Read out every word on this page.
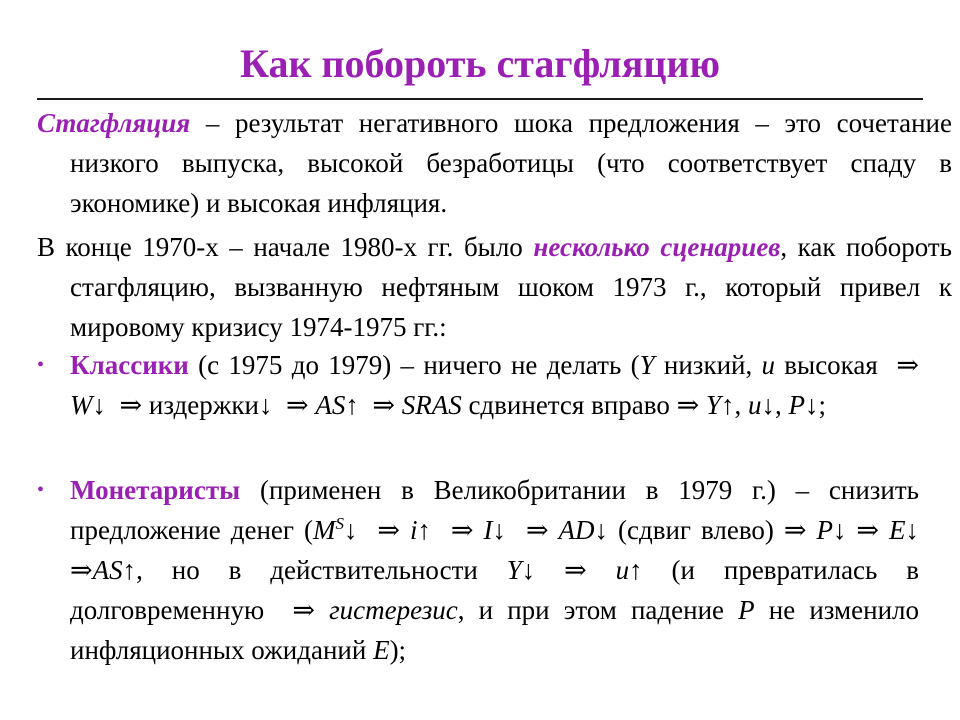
Как побороть стагфляцию

Стагфляция – результат негативного шока предложения – это сочетание низкого выпуска, высокой безработицы (что соответствует спаду в экономике) и высокая инфляция.

В конце 1970-х – начале 1980-х гг. было несколько сценариев, как побороть стагфляцию, вызванную нефтяным шоком 1973 г., который привел к мировому кризису 1974-1975 гг.:

• Классики (с 1975 до 1979) – ничего не делать (Y низкий, u высокая  ⇒ W↓  ⇒ издержки↓  ⇒ AS↑  ⇒ SRAS сдвинется вправо ⇒ Y↑, u↓, P↓;
• Монетаристы (применен в Великобритании в 1979 г.) – снизить предложение денег ($M^S↓$  ⇒ i↑  ⇒ I↓  ⇒ AD↓ (сдвиг влево) ⇒ P↓ ⇒ E↓ ⇒AS↑, но в действительности Y↓ ⇒ u↑ (и превратилась в долговременную  ⇒ гистерезис, и при этом падение P не изменило инфляционных ожиданий E);
